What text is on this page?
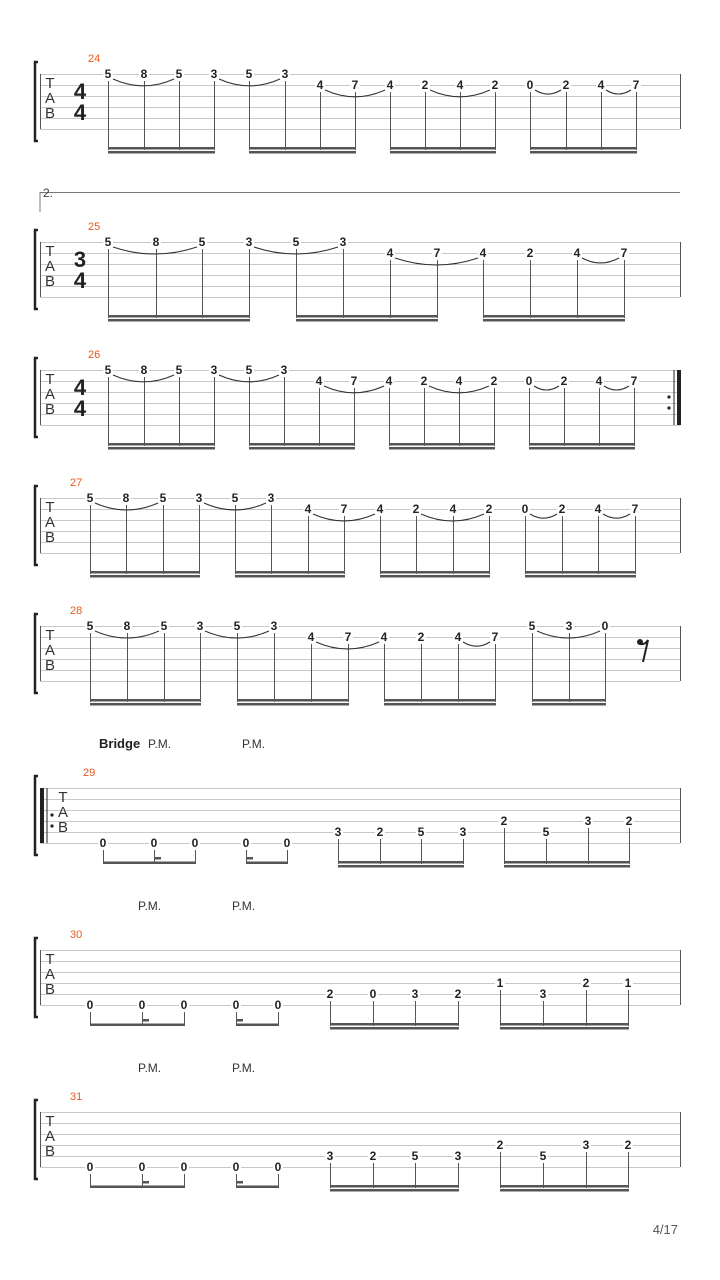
T
A
B
4
4
24
5 8 5 3 5 3
4 7 4 2 4 2 0 2 4 7
T
A
B
3
4
25
5	8	5	3	5	3
4	7	4	2	4	7
T
A
B
4
4
26
5 8 5 3 5 3
4 7 4 2 4 2 0 2 4 7
T
A
B
27
5 8	5 3 5 3
4 7 4 2	4 2 0	2 4	7
T
A
B
28
5	8	5 3	5	3
4	7 4	2	4	7
5	3 0
T
A
B
29
0	0	0	0	0
3	2	5	3
2
5
3	2
T
A
B
30
0	0	0	0	0
2	0	3	2
1
3
2	1
T
A
B
31
0	0	0	0	0
3	2	5	3
2
5
3	2
2.
Bridge P.M.	P.M.
P.M.	P.M.
P.M.	P.M.
4/17
